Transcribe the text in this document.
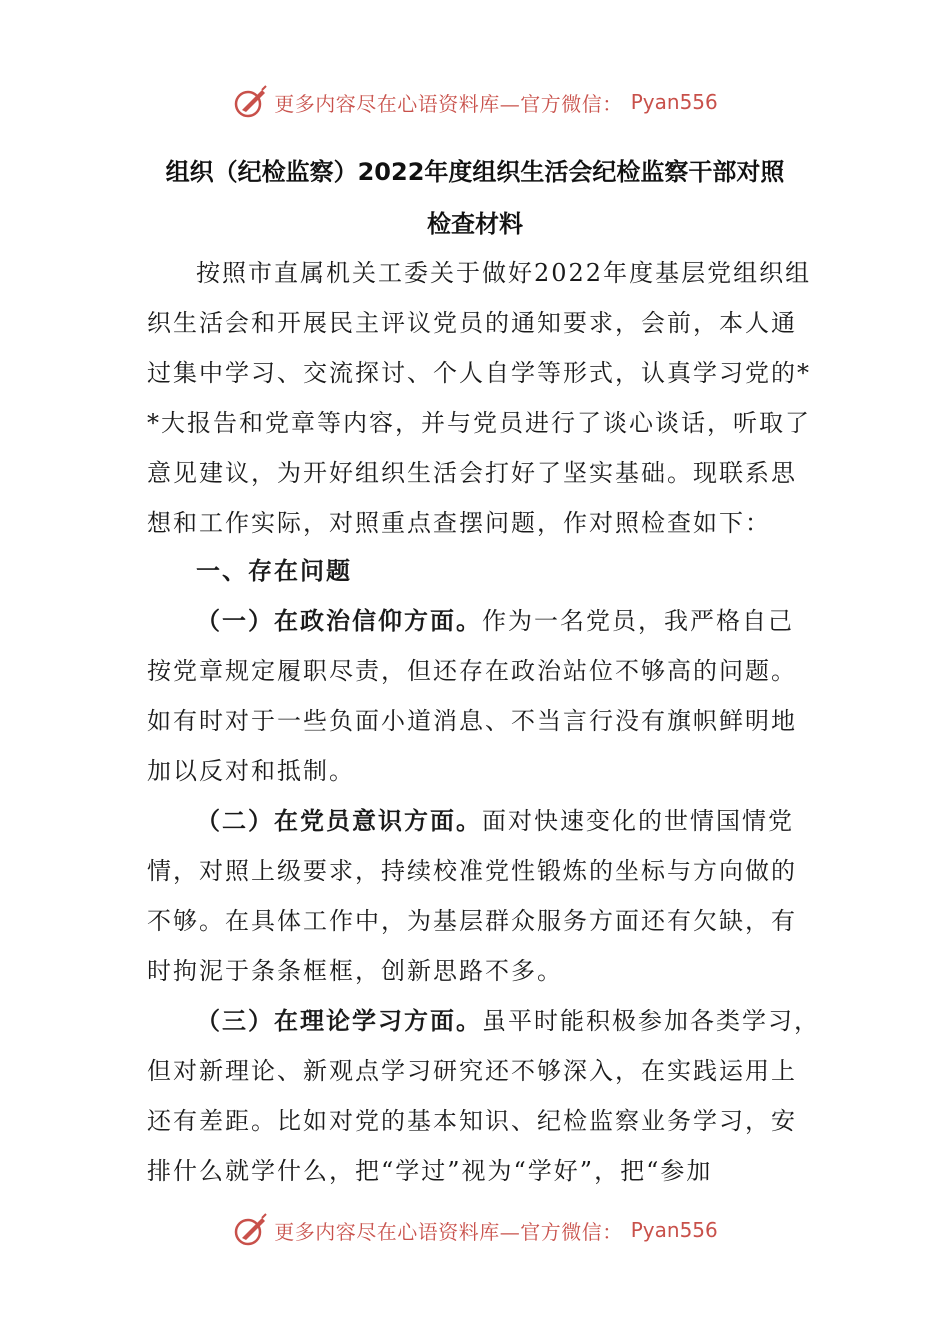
更多内容尽在心语资料库—官方微信： Pyan556
组织（纪检监察）2022年度组织生活会纪检监察干部对照
检查材料
按照市直属机关工委关于做好2022年度基层党组织组
织生活会和开展民主评议党员的通知要求，会前，本人通
过集中学习、交流探讨、个人自学等形式，认真学习党的*
*大报告和党章等内容，并与党员进行了谈心谈话，听取了
意见建议，为开好组织生活会打好了坚实基础。现联系思
想和工作实际，对照重点查摆问题，作对照检查如下：
一、存在问题
（一）在政治信仰方面。作为一名党员，我严格自己
按党章规定履职尽责，但还存在政治站位不够高的问题。
如有时对于一些负面小道消息、不当言行没有旗帜鲜明地
加以反对和抵制。
（二）在党员意识方面。面对快速变化的世情国情党
情，对照上级要求，持续校准党性锻炼的坐标与方向做的
不够。在具体工作中，为基层群众服务方面还有欠缺，有
时拘泥于条条框框，创新思路不多。
（三）在理论学习方面。虽平时能积极参加各类学习，
但对新理论、新观点学习研究还不够深入，在实践运用上
还有差距。比如对党的基本知识、纪检监察业务学习，安
排什么就学什么，把“学过”视为“学好”，把“参加
更多内容尽在心语资料库—官方微信： Pyan556
